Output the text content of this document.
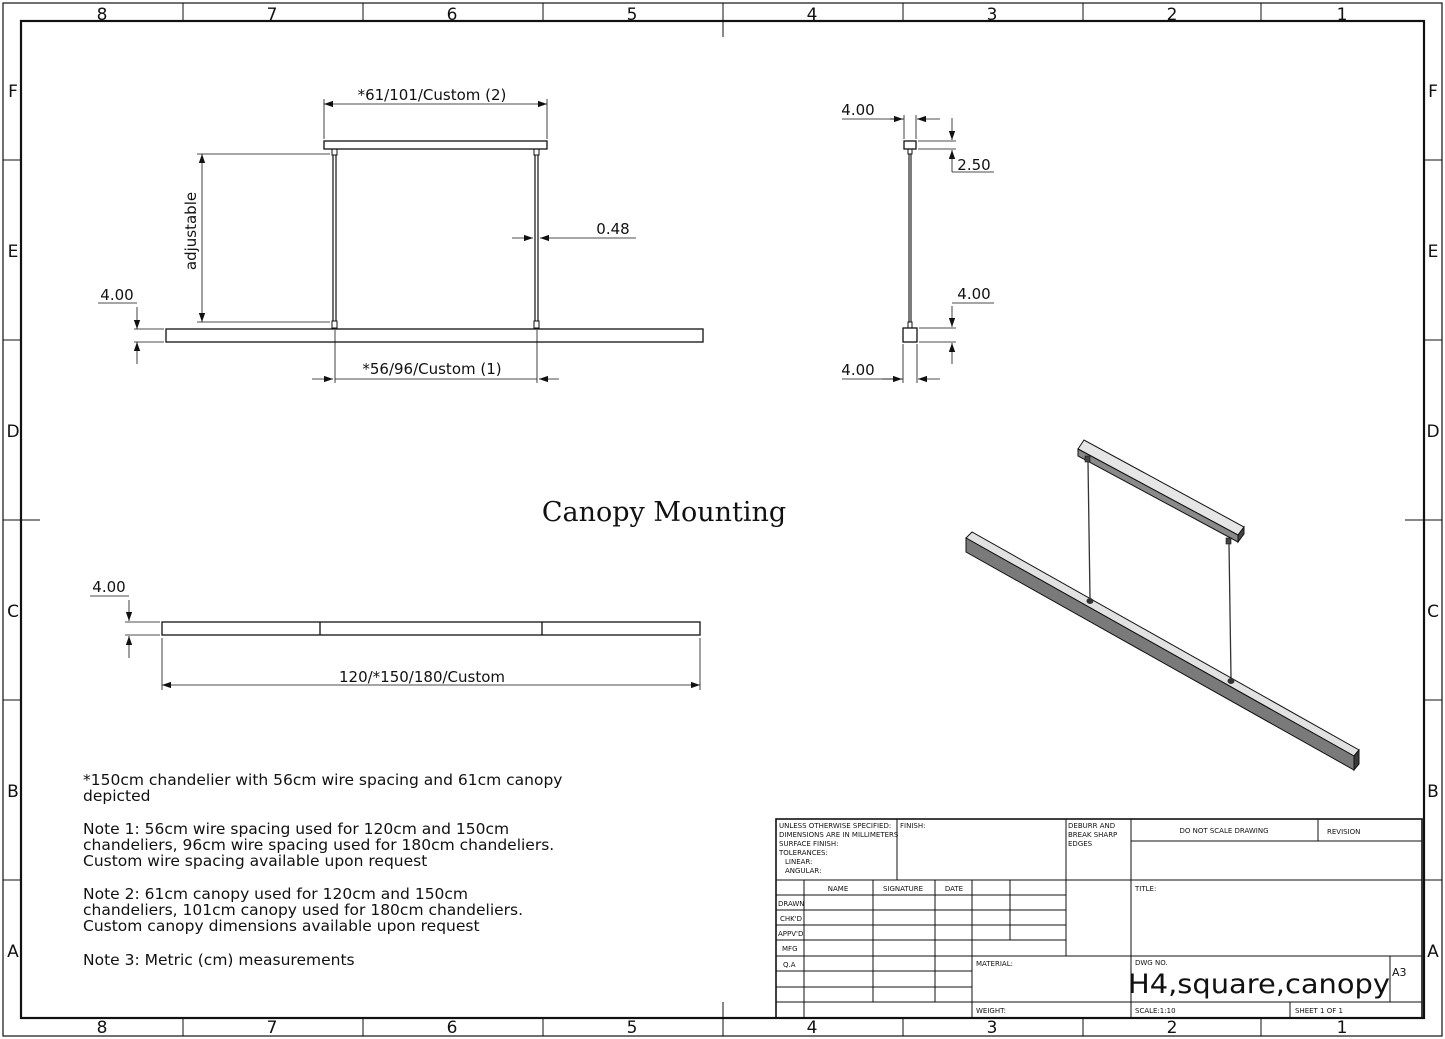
8	7	6	5	4	3	2	1
8	7	6	5	4	3	2	1
F
E
D
C
B
A
F
E
D
C
B
A
*61/101/Custom (2)
adjustable	0.48
4.00
*56/96/Custom (1)
4.00
2.50
4.00
4.00
Canopy Mounting
4.00
120/*150/180/Custom
UNLESS OTHERWISE SPECIFIED:
DIMENSIONS ARE IN MILLIMETERS
SURFACE FINISH:
TOLERANCES:
LINEAR:
ANGULAR:
FINISH:	DEBURR AND
BREAK SHARP
EDGES
DO NOT SCALE DRAWING	REVISION
NAME	SIGNATURE	DATE
DRAWN
CHK'D
APPV'D
MFG
Q.A
TITLE:
MATERIAL:
WEIGHT:
DWG NO.
H4,square,canopy A3
SCALE:1:10	SHEET 1 OF 1
*150cm chandelier with 56cm wire spacing and 61cm canopy
depicted
Note 1: 56cm wire spacing used for 120cm and 150cm
chandeliers, 96cm wire spacing used for 180cm chandeliers.
Custom wire spacing available upon request
Note 2: 61cm canopy used for 120cm and 150cm
chandeliers, 101cm canopy used for 180cm chandeliers.
Custom canopy dimensions available upon request
Note 3: Metric (cm) measurements
